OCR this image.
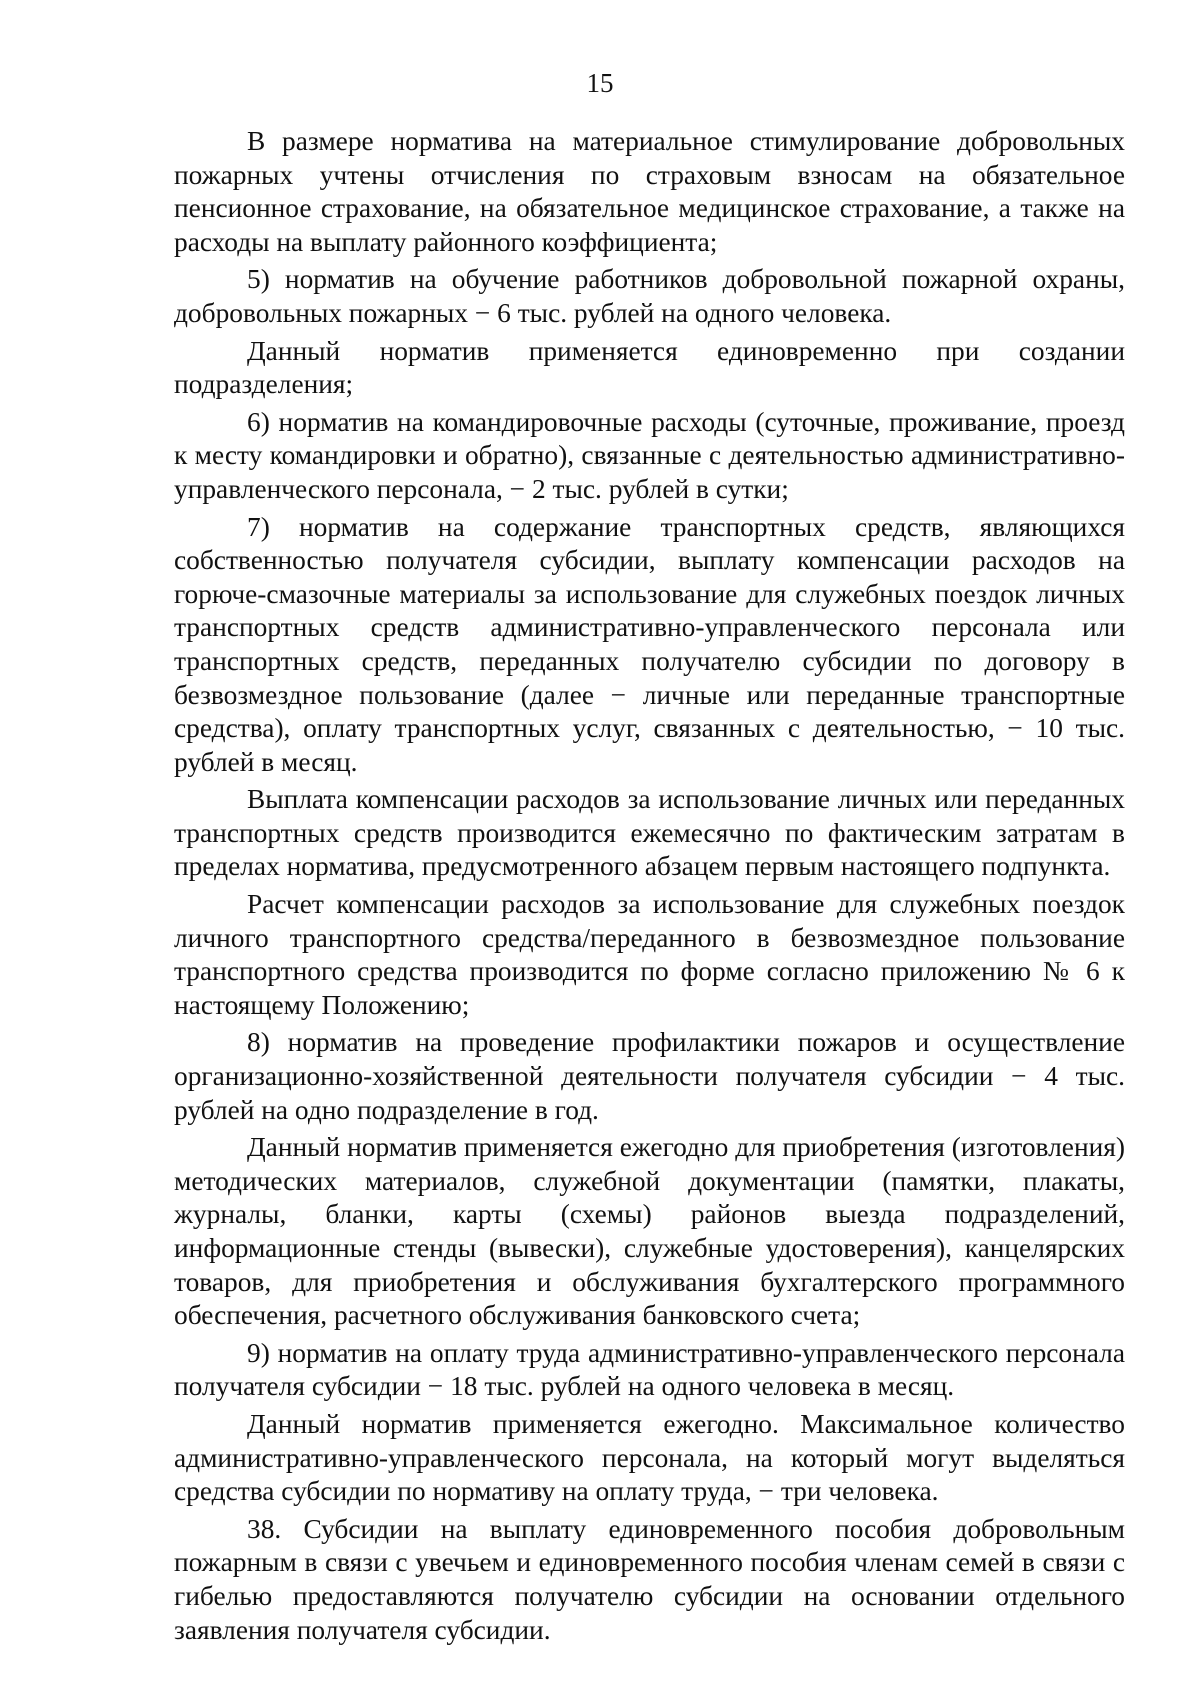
15

В размере норматива на материальное стимулирование добровольных пожарных учтены отчисления по страховым взносам на обязательное пенсионное страхование, на обязательное медицинское страхование, а также на расходы на выплату районного коэффициента;

5) норматив на обучение работников добровольной пожарной охраны, добровольных пожарных − 6 тыс. рублей на одного человека.

Данный норматив применяется единовременно при создании подразделения;

6) норматив на командировочные расходы (суточные, проживание, проезд к месту командировки и обратно), связанные с деятельностью административно-управленческого персонала, − 2 тыс. рублей в сутки;

7) норматив на содержание транспортных средств, являющихся собственностью получателя субсидии, выплату компенсации расходов на горюче-смазочные материалы за использование для служебных поездок личных транспортных средств административно-управленческого персонала или транспортных средств, переданных получателю субсидии по договору в безвозмездное пользование (далее − личные или переданные транспортные средства), оплату транспортных услуг, связанных с деятельностью, − 10 тыс. рублей в месяц.

Выплата компенсации расходов за использование личных или переданных транспортных средств производится ежемесячно по фактическим затратам в пределах норматива, предусмотренного абзацем первым настоящего подпункта.

Расчет компенсации расходов за использование для служебных поездок личного транспортного средства/переданного в безвозмездное пользование транспортного средства производится по форме согласно приложению № 6 к настоящему Положению;

8) норматив на проведение профилактики пожаров и осуществление организационно-хозяйственной деятельности получателя субсидии − 4 тыс. рублей на одно подразделение в год.

Данный норматив применяется ежегодно для приобретения (изготовления) методических материалов, служебной документации (памятки, плакаты, журналы, бланки, карты (схемы) районов выезда подразделений, информационные стенды (вывески), служебные удостоверения), канцелярских товаров, для приобретения и обслуживания бухгалтерского программного обеспечения, расчетного обслуживания банковского счета;

9) норматив на оплату труда административно-управленческого персонала получателя субсидии − 18 тыс. рублей на одного человека в месяц.

Данный норматив применяется ежегодно. Максимальное количество административно-управленческого персонала, на который могут выделяться средства субсидии по нормативу на оплату труда, − три человека.

38. Субсидии на выплату единовременного пособия добровольным пожарным в связи с увечьем и единовременного пособия членам семей в связи с гибелью предоставляются получателю субсидии на основании отдельного заявления получателя субсидии.
